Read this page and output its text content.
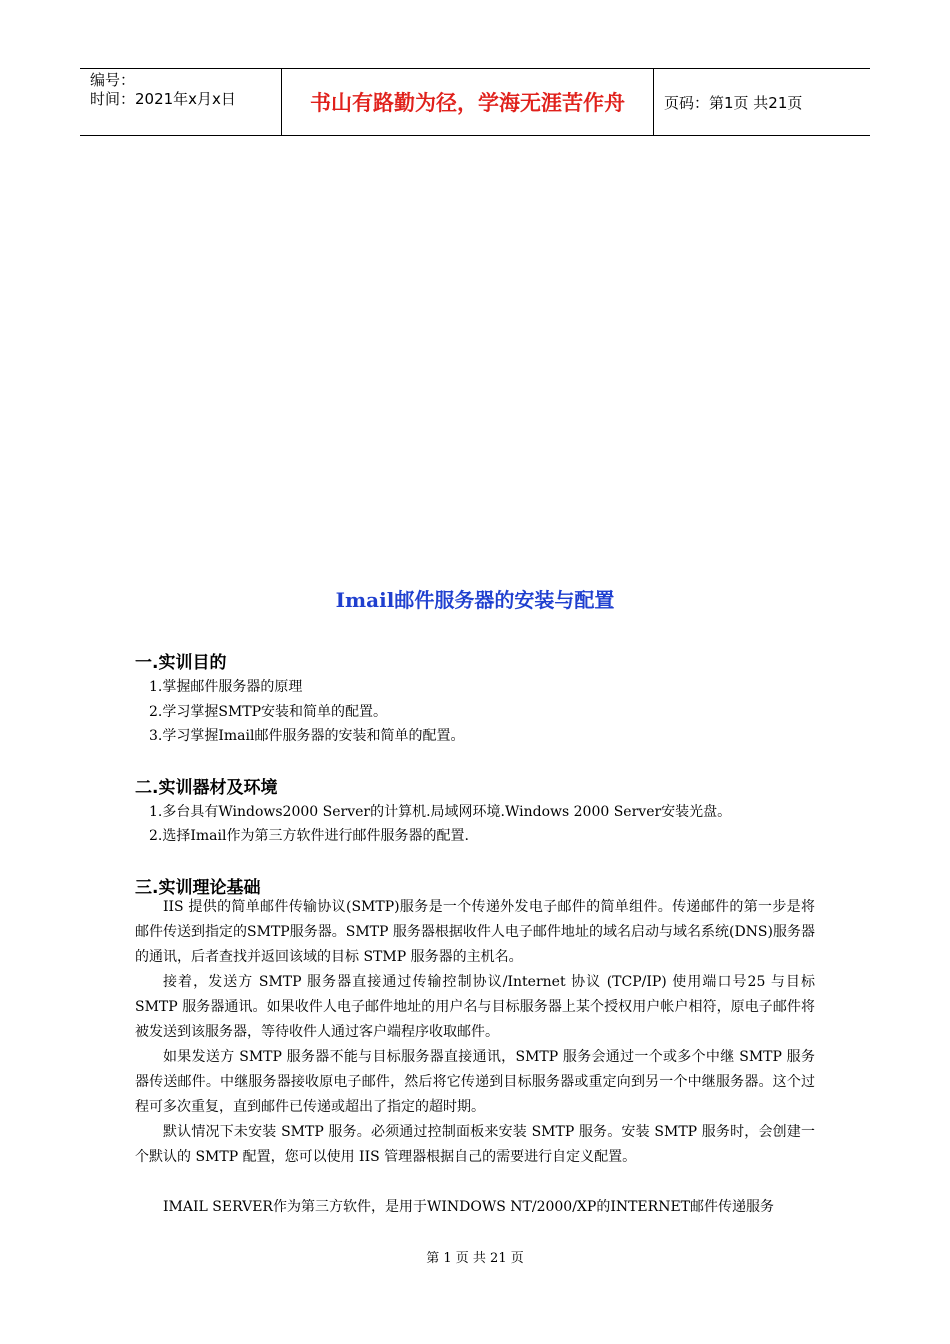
编号：
时间：2021年x月x日	书山有路勤为径，学海无涯苦作舟	页码：第1页 共21页
Imail邮件服务器的安装与配置
一.实训目的
1.掌握邮件服务器的原理
2.学习掌握SMTP安装和简单的配置。
3.学习掌握Imail邮件服务器的安装和简单的配置。
二.实训器材及环境
1.多台具有Windows2000 Server的计算机.局域网环境.Windows 2000 Server安装光盘。
2.选择Imail作为第三方软件进行邮件服务器的配置.
三.实训理论基础

IIS 提供的简单邮件传输协议(SMTP)服务是一个传递外发电子邮件的简单组件。传递邮件的第一步是将邮件传送到指定的SMTP服务器。SMTP 服务器根据收件人电子邮件地址的域名启动与域名系统(DNS)服务器的通讯，后者查找并返回该域的目标 STMP 服务器的主机名。

接着，发送方 SMTP 服务器直接通过传输控制协议/Internet 协议 (TCP/IP) 使用端口号25 与目标 SMTP 服务器通讯。如果收件人电子邮件地址的用户名与目标服务器上某个授权用户帐户相符，原电子邮件将被发送到该服务器，等待收件人通过客户端程序收取邮件。

如果发送方 SMTP 服务器不能与目标服务器直接通讯，SMTP 服务会通过一个或多个中继 SMTP 服务器传送邮件。中继服务器接收原电子邮件，然后将它传递到目标服务器或重定向到另一个中继服务器。这个过程可多次重复，直到邮件已传递或超出了指定的超时期。

默认情况下未安装 SMTP 服务。必须通过控制面板来安装 SMTP 服务。安装 SMTP 服务时，会创建一个默认的 SMTP 配置，您可以使用 IIS 管理器根据自己的需要进行自定义配置。

IMAIL SERVER作为第三方软件，是用于WINDOWS NT/2000/XP的INTERNET邮件传递服务

第 1 页 共 21 页
